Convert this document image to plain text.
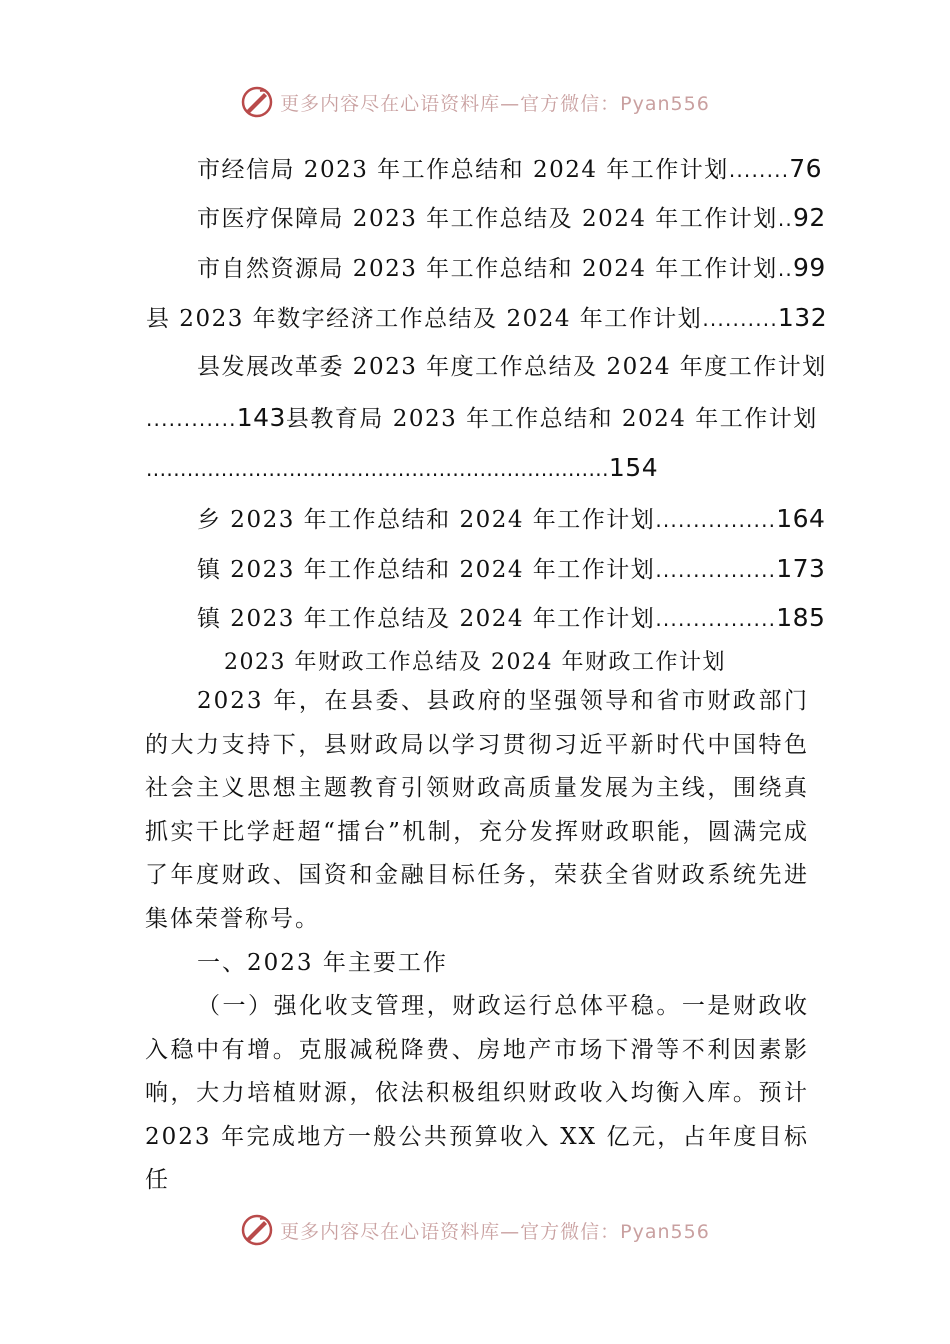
更多内容尽在心语资料库—官方微信：Pyan556
市经信局 2023 年工作总结和 2024 年工作计划........76
市医疗保障局 2023 年工作总结及 2024 年工作计划..92
市自然资源局 2023 年工作总结和 2024 年工作计划..99
县 2023 年数字经济工作总结及 2024 年工作计划..........132
县发展改革委 2023 年度工作总结及 2024 年度工作计划
............143县教育局 2023 年工作总结和 2024 年工作计划
....................................................................154
乡 2023 年工作总结和 2024 年工作计划................164
镇 2023 年工作总结和 2024 年工作计划................173
镇 2023 年工作总结及 2024 年工作计划................185

2023 年财政工作总结及 2024 年财政工作计划

2023 年，在县委、县政府的坚强领导和省市财政部门的大力支持下，县财政局以学习贯彻习近平新时代中国特色社会主义思想主题教育引领财政高质量发展为主线，围绕真抓实干比学赶超“擂台”机制，充分发挥财政职能，圆满完成了年度财政、国资和金融目标任务，荣获全省财政系统先进集体荣誉称号。

一、2023 年主要工作

（一）强化收支管理，财政运行总体平稳。一是财政收入稳中有增。克服减税降费、房地产市场下滑等不利因素影响，大力培植财源，依法积极组织财政收入均衡入库。预计 2023 年完成地方一般公共预算收入 XX 亿元，占年度目标任

更多内容尽在心语资料库—官方微信：Pyan556
